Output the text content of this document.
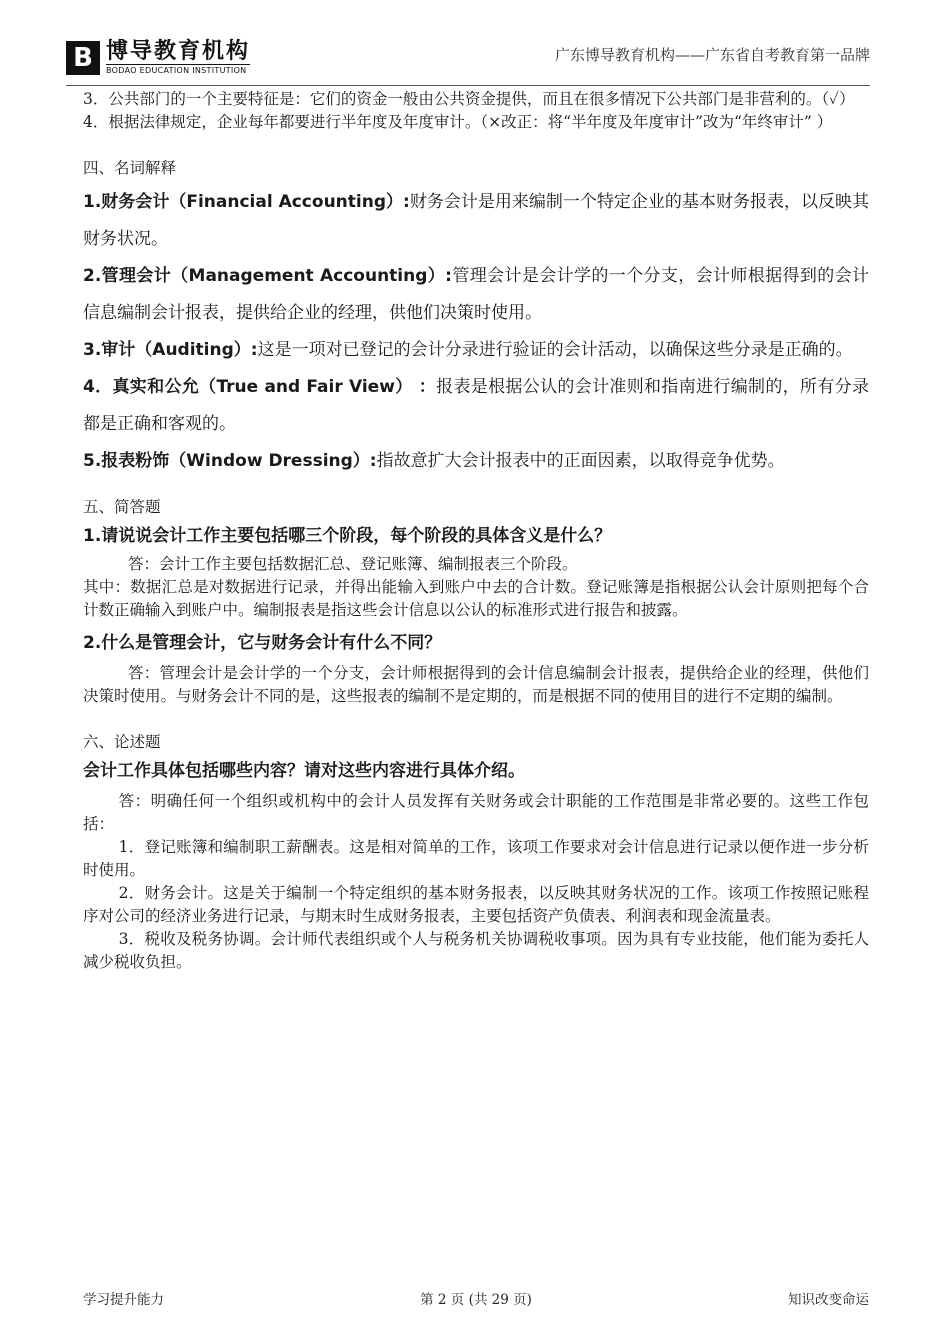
B 博导教育机构
BODAO EDUCATION INSTITUTION
广东博导教育机构——广东省自考教育第一品牌

3．公共部门的一个主要特征是：它们的资金一般由公共资金提供，而且在很多情况下公共部门是非营利的。（✓）

4．根据法律规定，企业每年都要进行半年度及年度审计。（×改正：将“半年度及年度审计”改为“年终审计” ）

四、名词解释

1.财务会计（Financial Accounting）:财务会计是用来编制一个特定企业的基本财务报表，以反映其财务状况。

2.管理会计（Management Accounting）:管理会计是会计学的一个分支，会计师根据得到的会计信息编制会计报表，提供给企业的经理，供他们决策时使用。

3.审计（Auditing）:这是一项对已登记的会计分录进行验证的会计活动，以确保这些分录是正确的。

4．真实和公允（True and Fair View） ：报表是根据公认的会计准则和指南进行编制的，所有分录都是正确和客观的。

5.报表粉饰（Window Dressing）:指故意扩大会计报表中的正面因素，以取得竞争优势。

五、简答题

1.请说说会计工作主要包括哪三个阶段，每个阶段的具体含义是什么？

答：会计工作主要包括数据汇总、登记账簿、编制报表三个阶段。

其中：数据汇总是对数据进行记录，并得出能输入到账户中去的合计数。登记账簿是指根据公认会计原则把每个合计数正确输入到账户中。编制报表是指这些会计信息以公认的标准形式进行报告和披露。

2.什么是管理会计，它与财务会计有什么不同？

答：管理会计是会计学的一个分支，会计师根据得到的会计信息编制会计报表，提供给企业的经理，供他们决策时使用。与财务会计不同的是，这些报表的编制不是定期的，而是根据不同的使用目的进行不定期的编制。

六、论述题

会计工作具体包括哪些内容？请对这些内容进行具体介绍。

答：明确任何一个组织或机构中的会计人员发挥有关财务或会计职能的工作范围是非常必要的。这些工作包括：

1．登记账簿和编制职工薪酬表。这是相对简单的工作，该项工作要求对会计信息进行记录以便作进一步分析时使用。

2．财务会计。这是关于编制一个特定组织的基本财务报表，以反映其财务状况的工作。该项工作按照记账程序对公司的经济业务进行记录，与期末时生成财务报表，主要包括资产负债表、利润表和现金流量表。

3．税收及税务协调。会计师代表组织或个人与税务机关协调税收事项。因为具有专业技能，他们能为委托人减少税收负担。

学习提升能力	第 2 页 (共 29 页)	知识改变命运
